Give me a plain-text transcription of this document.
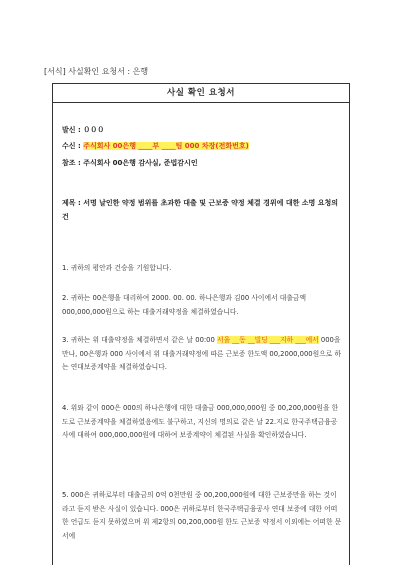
[서식] 사실확인 요청서 : 은행
사실 확인 요청서
발신 : ０００
수신 : 주식회사 00은행 ____부 ____팀 000 차장(전화번호)
참조 : 주식회사 00은행 감사실, 준법감시인
제목 : 서명 날인한 약정 범위를 초과한 대출 및 근보증 약정 체결 경위에 대한 소명 요청의 건
1. 귀하의 평안과 건승을 기원합니다.
2. 귀하는 00은행을 대리하여 2000. 00. 00. 하나은행과 김00 사이에서 대출금액 000,000,000원으로 하는 대출거래약정을 체결하였습니다.
3. 귀하는 위 대출약정을 체결하면서 같은 날 00:00 서울 __동 __빌딩 ___지하 ___에서 000을 만나, 00은행과 000 사이에서 위 대출거래약정에 따른 근보증 한도액 00,2000,000원으로 하는 연대보증계약을 체결하였습니다.
4. 위와 같이 000은 000의 하나은행에 대한 대출금 000,000,000원 중 00,200,000원을 한도로 근보증계약을 체결하였음에도 불구하고, 지신의 명의로 같은 날 22.지로 한국주택금융공사에 대하여 000,000,000원에 대하여 보증계약이 체결된 사실을 확인하였습니다.
5. 000은 귀하로부터 대출금의 0억 0천만원 중 00,200,000원에 대한 근보증만을 하는 것이라고 듣지 받은 사실이 있습니다. 000은 귀하로부터 한국주택금융공사 연대 보증에 대한 어떠한 언급도 듣지 못하였으며 위 제2항의 00,200,000원 한도 근보증 약정서 이외에는 어떠한 문서에
